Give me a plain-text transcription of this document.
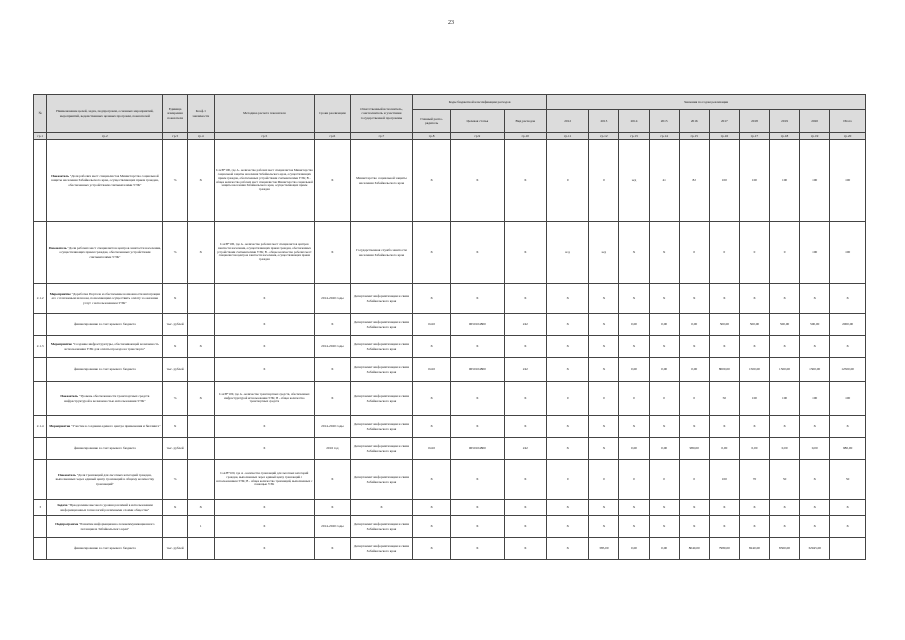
23
№	Наименование целей, задач, подпрограмм, основных мероприятий, мероприятий, ведомственных целевых программ, показателей	Единица измерения показателя	Коэф-т значимости	Методика расчета показателя	Сроки реализации	Ответственный исполнитель, соисполнитель и участники государственной программы	Коды бюджетной классификации расходов			Значения по годам реализации									
							Главный распо-рядитель	Целевая статья	Вид расходов	2012	2013	2014	2015	2016	2017	2018	2019	2020	Итого
гр.1	гр.2	гр.3	гр.4	гр.5	гр.6	гр.7	гр.8	гр.9	гр.10	гр.11	гр.12	гр.13	гр.14	гр.15	гр.16	гр.17	гр.18	гр.19	гр.20
	Показатель "Доля рабочих мест специалистов Министерства социальной защиты населения Забайкальского края, осуществляющих прием граждан, обеспеченных устройствами считывателями УЭК"	%	X	I=A/B*100, где A - количество рабочих мест специалистов Министерства социальной защиты населения Забайкальского края, осуществляющих прием граждан, обеспеченных устройствами считывателями УЭК; B - общее количество рабочих мест специалистов Министерства социальной защиты населения Забайкальского края, осуществляющих прием граждан	X	Министерство социальной защиты населения Забайкальского края	X	X	X	0	0	н/д	41	82	100	100	100	100	100
	Показатель "Доля рабочих мест специалистов центров занятости населения, осуществляющих прием граждан, обеспеченных устройствами считывателями УЭК"	%	X	I=A/B*100, где A - количество рабочих мест специалистов центров занятости населения, осуществляющих прием граждан, обеспеченных устройствами считывателями УЭК; B - общее количество рабочих мест специалистов центров занятости населения, осуществляющих прием граждан	X	Государственная служба занятости населения Забайкальского края	X	X	X	н/д	н/д	X	X	0	0	0	0	100	100
2.1.2	Мероприятие "Доработка Портала и обеспечение возможности интеграции его с платежным шлюзом, позволяющим осуществить оплату за оказание услуг с использованием УЭК"	X		X	2014-2020 годы	Департамент информатизации и связи Забайкальского края	X	X	X	X	X	X	X	X	X	X	X	X	X
	финансирование за счет краевого бюджета	тыс. рублей		X	X	Департамент информатизации и связи Забайкальского края	0410	0650104800	242	X	X	0,00	0,00	0,00	500,00	500,00	500,00	500,00	2000,00
2.1.3	Мероприятие "Создание инфраструктуры, обеспечивающей возможность использования УЭК для оплаты проезда на транспорте"	X	X	X	2014-2020 годы	Департамент информатизации и связи Забайкальского края	X	X	X	X	X	X	X	X	X	X	X	X	X
	финансирование за счет краевого бюджета	тыс. рублей		X	X	Департамент информатизации и связи Забайкальского края	0410	0650104800	242	X	X	0,00	0,00	0,00	8000,00	1500,00	1500,00	1500,00	12500,00
	Показатель "Уровень обеспеченности транспортных средств инфраструктурой к возможностью использования УЭК"	%	X	I=A/B*100, где A - количество транспортных средств, обеспеченных инфраструктурой использования УЭК; B - общее количество транспортных средств	X	Департамент информатизации и связи Забайкальского края	X	X	X	0	0	0	0	0	50	100	100	100	100
2.1.4	Мероприятие "Участие в создании единого центра применения и биллинга"	X		X	2014-2020 годы	Департамент информатизации и связи Забайкальского края	X	X	X	X	X	X	X	X	X	X	X	X	X
	финансирование за счет краевого бюджета	тыс. рублей		X	2016 год	Департамент информатизации и связи Забайкальского края	0410	0650104800	242	X	X	0,00	0,00	980,00	0,00	0,00	0,00	0,00	980,00
	Показатель "Доля транзакций для льготных категорий граждан, выполненных через единый центр транзакций в общему количеству транзакций"	%		I=A/B*100, где A - количество транзакций для льготных категорий граждан, выполненных через единый центр транзакций с использованием УЭК; B - общее количество транзакций, выполненных с помощью УЭК	X	Департамент информатизации и связи Забайкальского края	X	X	X	0	0	0	0	0	100	70	50	X	50
3	Задача "Преодоление высокого уровня различий в использовании информационных технологий различными слоями общества"	X	X	X	X	X	X	X	X	X	X	X	X	X	X	X	X	X	X
	Подпрограмма "Развитие информационно-телекоммуникационного потенциала Забайкальского края"		1	X	2014-2020 годы	Департамент информатизации и связи Забайкальского края	X	X	X	X	X	X	X	X	X	X	X	X	X
	финансирование за счет краевого бюджета	тыс. рублей		X	X	Департамент информатизации и связи Забайкальского края	X	X	X	X	385,00	0,00	0,00	8040,00	7980,00	8240,00	8300,00	32945,00	
